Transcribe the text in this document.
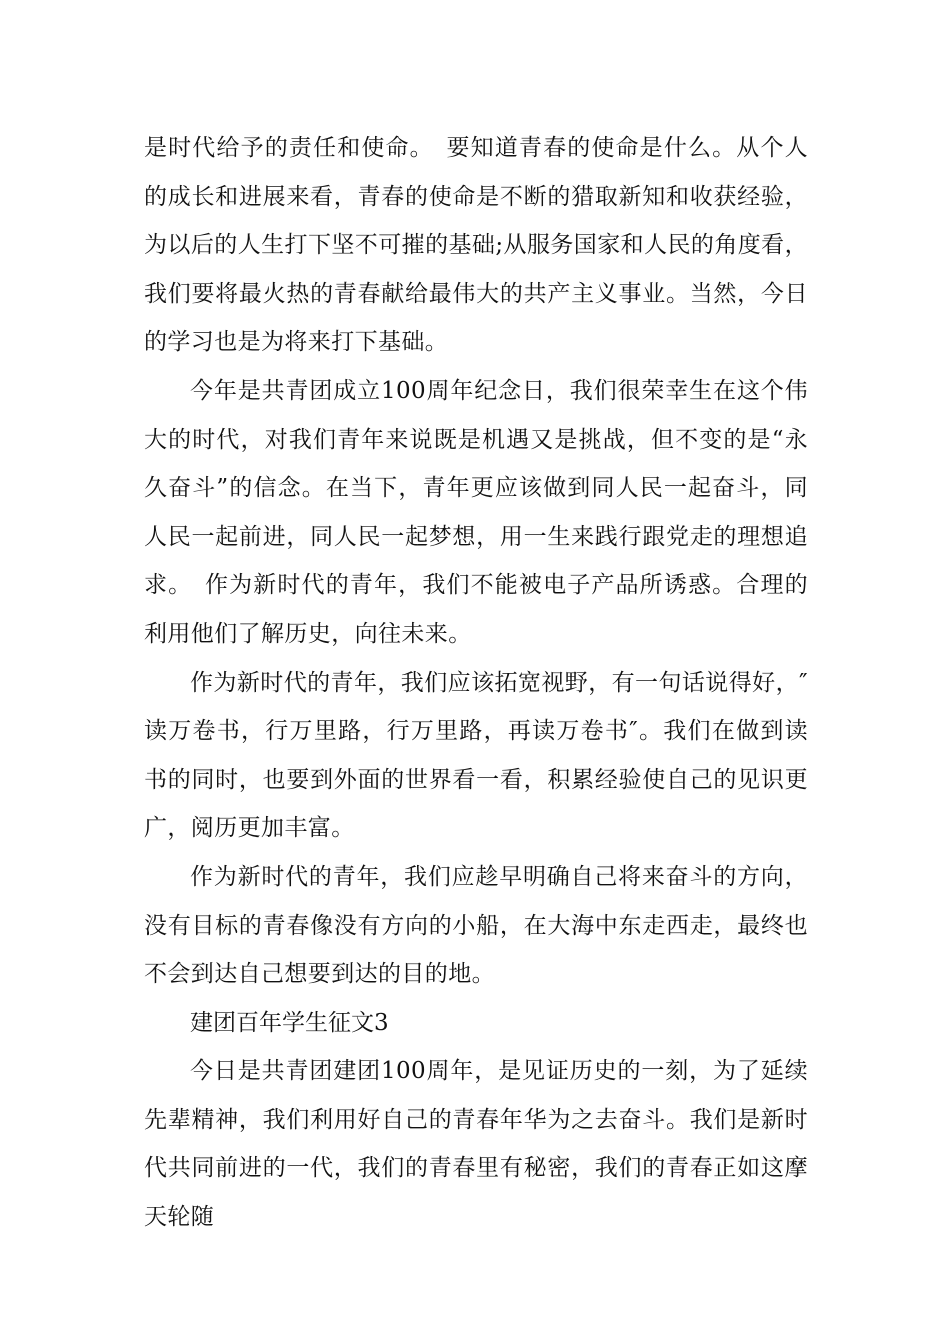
是时代给予的责任和使命。　要知道青春的使命是什么。从个人的成长和进展来看，青春的使命是不断的猎取新知和收获经验，为以后的人生打下坚不可摧的基础;从服务国家和人民的角度看，我们要将最火热的青春献给最伟大的共产主义事业。当然，今日的学习也是为将来打下基础。

今年是共青团成立100周年纪念日，我们很荣幸生在这个伟大的时代，对我们青年来说既是机遇又是挑战，但不变的是“永久奋斗”的信念。在当下，青年更应该做到同人民一起奋斗，同人民一起前进，同人民一起梦想，用一生来践行跟党走的理想追求。　作为新时代的青年，我们不能被电子产品所诱惑。合理的利用他们了解历史，向往未来。

作为新时代的青年，我们应该拓宽视野，有一句话说得好，″读万卷书，行万里路，行万里路，再读万卷书″。我们在做到读书的同时，也要到外面的世界看一看，积累经验使自己的见识更广，阅历更加丰富。

作为新时代的青年，我们应趁早明确自己将来奋斗的方向，没有目标的青春像没有方向的小船，在大海中东走西走，最终也不会到达自己想要到达的目的地。

建团百年学生征文3

今日是共青团建团100周年，是见证历史的一刻，为了延续先辈精神，我们利用好自己的青春年华为之去奋斗。我们是新时代共同前进的一代，我们的青春里有秘密，我们的青春正如这摩天轮随
